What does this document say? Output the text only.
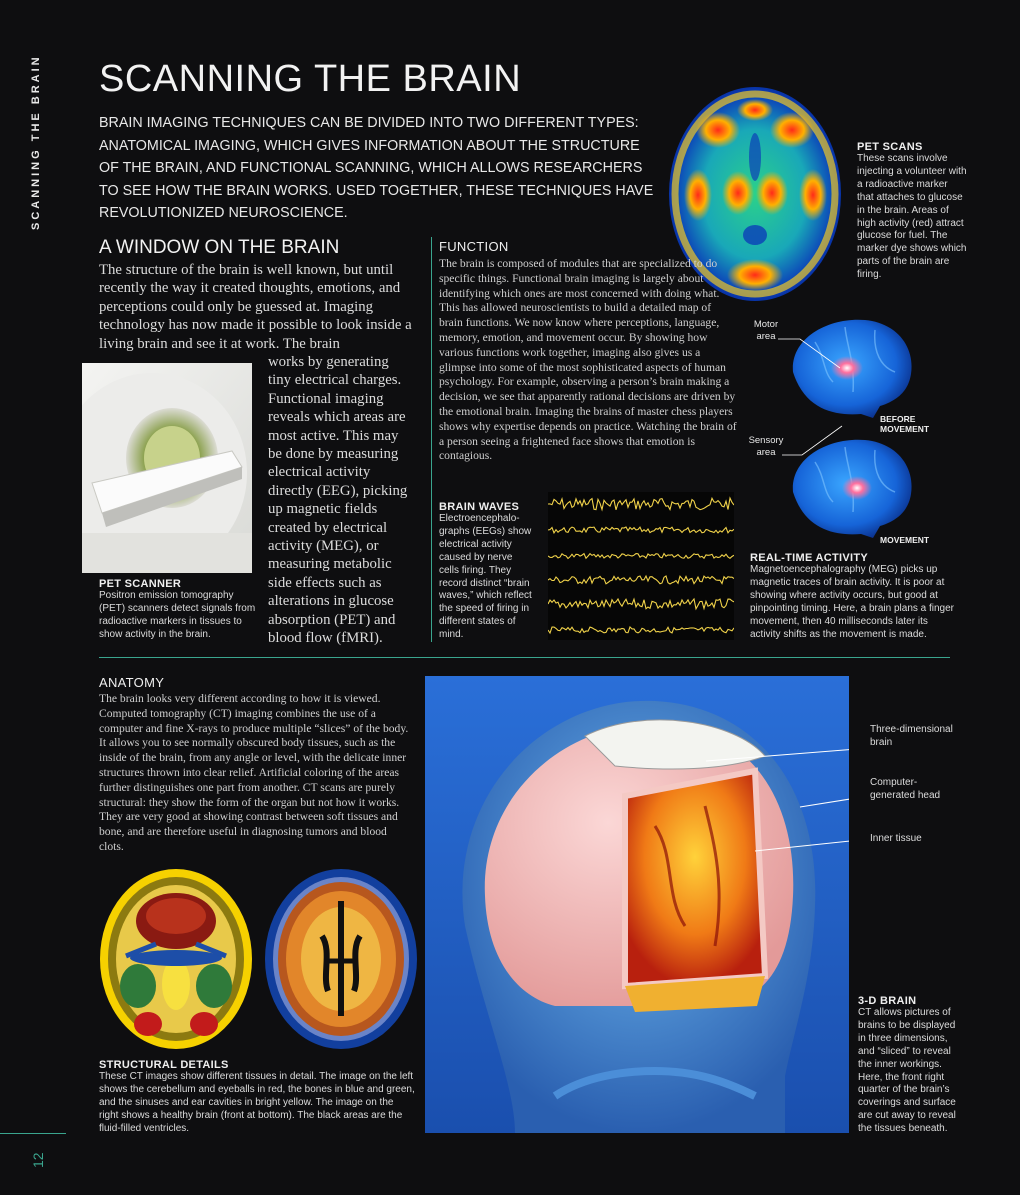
SCANNING THE BRAIN
12
SCANNING THE BRAIN
BRAIN IMAGING TECHNIQUES CAN BE DIVIDED INTO TWO DIFFERENT TYPES: ANATOMICAL IMAGING, WHICH GIVES INFORMATION ABOUT THE STRUCTURE OF THE BRAIN, AND FUNCTIONAL SCANNING, WHICH ALLOWS RESEARCHERS TO SEE HOW THE BRAIN WORKS. USED TOGETHER, THESE TECHNIQUES HAVE REVOLUTIONIZED NEUROSCIENCE.
PET SCANS
These scans involve injecting a volunteer with a radioactive marker that attaches to glucose in the brain. Areas of high activity (red) attract glucose for fuel. The marker dye shows which parts of the brain are firing.
A WINDOW ON THE BRAIN
The structure of the brain is well known, but until recently the way it created thoughts, emotions, and perceptions could only be guessed at. Imaging technology has now made it possible to look inside a living brain and see it at work. The brain
works by generating tiny electrical charges. Functional imaging reveals which areas are most active. This may be done by measuring electrical activity directly (EEG), picking up magnetic fields created by electrical activity (MEG), or measuring metabolic side effects such as alterations in glucose absorption (PET) and blood flow (fMRI).
PET SCANNER
Positron emission tomography (PET) scanners detect signals from radioactive markers in tissues to show activity in the brain.
FUNCTION
The brain is composed of modules that are specialized to do specific things. Functional brain imaging is largely about identifying which ones are most concerned with doing what. This has allowed neuroscientists to build a detailed map of brain functions. We now know where perceptions, language, memory, emotion, and movement occur. By showing how various functions work together, imaging also gives us a glimpse into some of the most sophisticated aspects of human psychology. For example, observing a person’s brain making a decision, we see that apparently rational decisions are driven by the emotional brain. Imaging the brains of master chess players shows why expertise depends on practice. Watching the brain of a person seeing a frightened face shows that emotion is contagious.
Motor area
Sensory area
BEFORE MOVEMENT
MOVEMENT
BRAIN WAVES
Electroencephalo-graphs (EEGs) show electrical activity caused by nerve cells firing. They record distinct “brain waves,” which reflect the speed of firing in different states of mind.
REAL-TIME ACTIVITY
Magnetoencephalography (MEG) picks up magnetic traces of brain activity. It is poor at showing where activity occurs, but good at pinpointing timing. Here, a brain plans a finger movement, then 40 milliseconds later its activity shifts as the movement is made.
ANATOMY
The brain looks very different according to how it is viewed. Computed tomography (CT) imaging combines the use of a computer and fine X-rays to produce multiple “slices” of the body. It allows you to see normally obscured body tissues, such as the inside of the brain, from any angle or level, with the delicate inner structures thrown into clear relief. Artificial coloring of the areas further distinguishes one part from another. CT scans are purely structural: they show the form of the organ but not how it works. They are very good at showing contrast between soft tissues and bone, and are therefore useful in diagnosing tumors and blood clots.
STRUCTURAL DETAILS
These CT images show different tissues in detail. The image on the left shows the cerebellum and eyeballs in red, the bones in blue and green, and the sinuses and ear cavities in bright yellow. The image on the right shows a healthy brain (front at bottom). The black areas are the fluid-filled ventricles.
Three-dimensional brain
Computer-generated head
Inner tissue
3-D BRAIN
CT allows pictures of brains to be displayed in three dimensions, and “sliced” to reveal the inner workings. Here, the front right quarter of the brain’s coverings and surface are cut away to reveal the tissues beneath.
